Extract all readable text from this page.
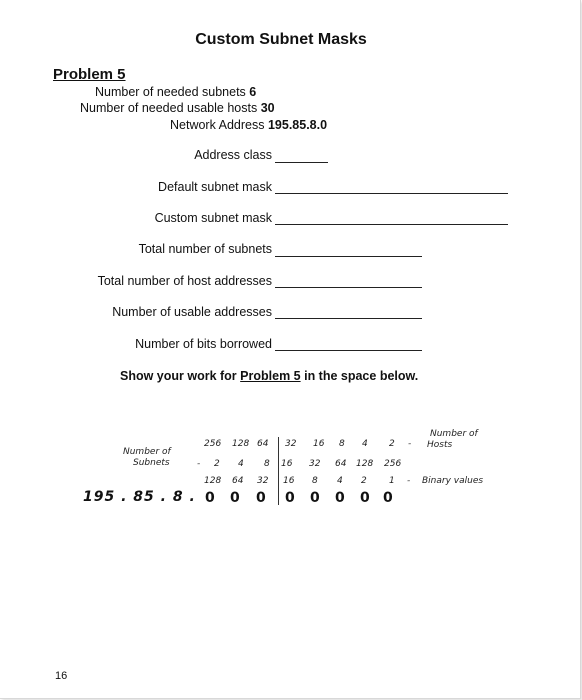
Custom Subnet Masks
Problem 5
Number of needed subnets 6
Number of needed usable hosts 30
Network Address 195.85.8.0
Address class
Default subnet mask
Custom subnet mask
Total number of subnets
Total number of host addresses
Number of usable addresses
Number of bits borrowed
Show your work for Problem 5 in the space below.
Number of
Subnets
Number of
Hosts
256 128 64 32 16 8 4 2 -
- 2 4 8 16 32 64 128 256
128 64 32 16 8 4 2 1 - Binary values
195 . 85 . 8 . 0 0 0 0 0 0 0 0
16
